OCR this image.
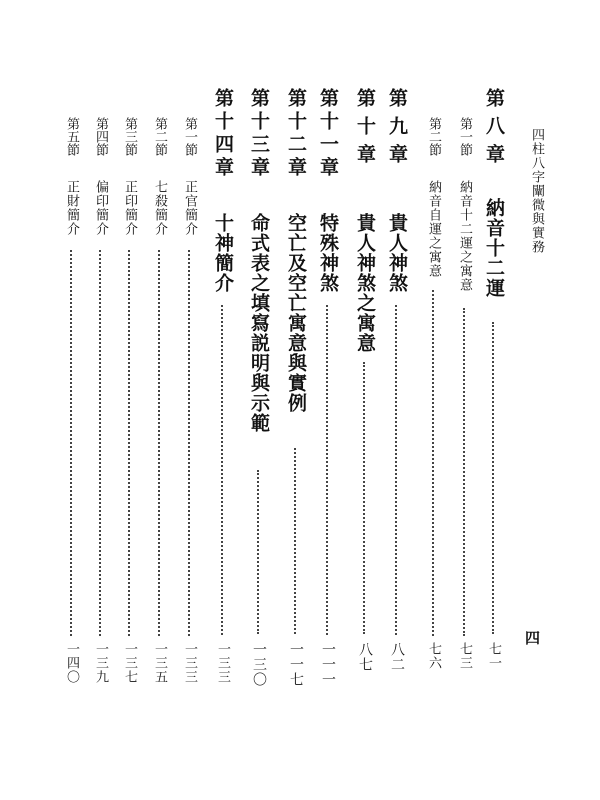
四柱八字闡微與實務
四
第八章
納音十二運
七一
第一節
納音十二運之寓意
七三
第二節
納音自運之寓意
七六
第九章
貴人神煞
八二
第十章
貴人神煞之寓意
八七
第十一章
特殊神煞
一一一
第十二章
空亡及空亡寓意與實例
一一七
第十三章
命式表之填寫説明與示範
一三〇
第十四章
十神簡介
一三三
第一節
正官簡介
一三三
第二節
七殺簡介
一三五
第三節
正印簡介
一三七
第四節
偏印簡介
一三九
第五節
正財簡介
一四〇
